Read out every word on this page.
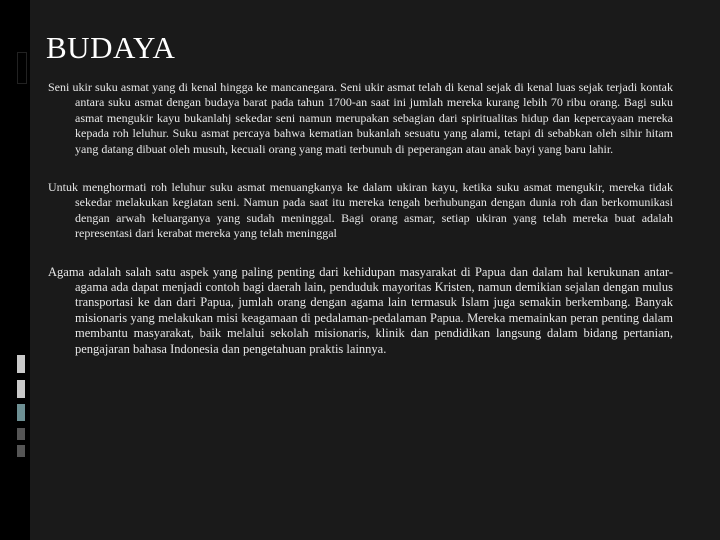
BUDAYA

Seni ukir suku asmat yang di kenal hingga ke mancanegara. Seni ukir asmat telah di kenal sejak di kenal luas sejak terjadi kontak antara suku asmat dengan budaya barat pada tahun 1700-an saat ini jumlah mereka kurang lebih 70 ribu orang. Bagi suku asmat mengukir kayu bukanlahj sekedar seni namun merupakan sebagian dari spiritualitas hidup dan kepercayaan mereka kepada roh leluhur. Suku asmat percaya bahwa kematian bukanlah sesuatu yang alami, tetapi di sebabkan oleh sihir hitam yang datang dibuat oleh musuh, kecuali orang yang mati terbunuh di peperangan atau anak bayi yang baru lahir.

Untuk menghormati roh leluhur suku asmat menuangkanya ke dalam ukiran kayu, ketika suku asmat mengukir, mereka tidak sekedar melakukan kegiatan seni. Namun pada saat itu mereka tengah berhubungan dengan dunia roh dan berkomunikasi dengan arwah keluarganya yang sudah meninggal. Bagi orang asmar, setiap ukiran yang telah mereka buat adalah representasi dari kerabat mereka yang telah meninggal

Agama adalah salah satu aspek yang paling penting dari kehidupan masyarakat di Papua dan dalam hal kerukunan antar-agama ada dapat menjadi contoh bagi daerah lain, penduduk mayoritas Kristen, namun demikian sejalan dengan mulus transportasi ke dan dari Papua, jumlah orang dengan agama lain termasuk Islam juga semakin berkembang. Banyak misionaris yang melakukan misi keagamaan di pedalaman-pedalaman Papua. Mereka memainkan peran penting dalam membantu masyarakat, baik melalui sekolah misionaris, klinik dan pendidikan langsung dalam bidang pertanian, pengajaran bahasa Indonesia dan pengetahuan praktis lainnya.
